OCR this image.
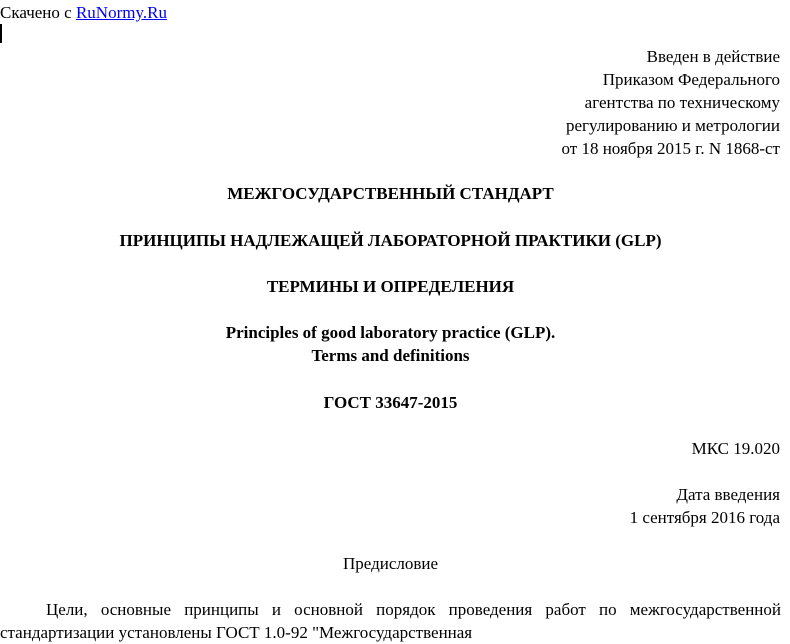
Скачено с RuNormy.Ru
Введен в действие
Приказом Федерального
агентства по техническому
регулированию и метрологии
от 18 ноября 2015 г. N 1868-ст
МЕЖГОСУДАРСТВЕННЫЙ СТАНДАРТ
ПРИНЦИПЫ НАДЛЕЖАЩЕЙ ЛАБОРАТОРНОЙ ПРАКТИКИ (GLP)
ТЕРМИНЫ И ОПРЕДЕЛЕНИЯ
Principles of good laboratory practice (GLP).
Terms and definitions
ГОСТ 33647-2015
МКС 19.020
Дата введения
1 сентября 2016 года
Предисловие
Цели, основные принципы и основной порядок проведения работ по межгосударственной стандартизации установлены ГОСТ 1.0-92 "Межгосударственная
